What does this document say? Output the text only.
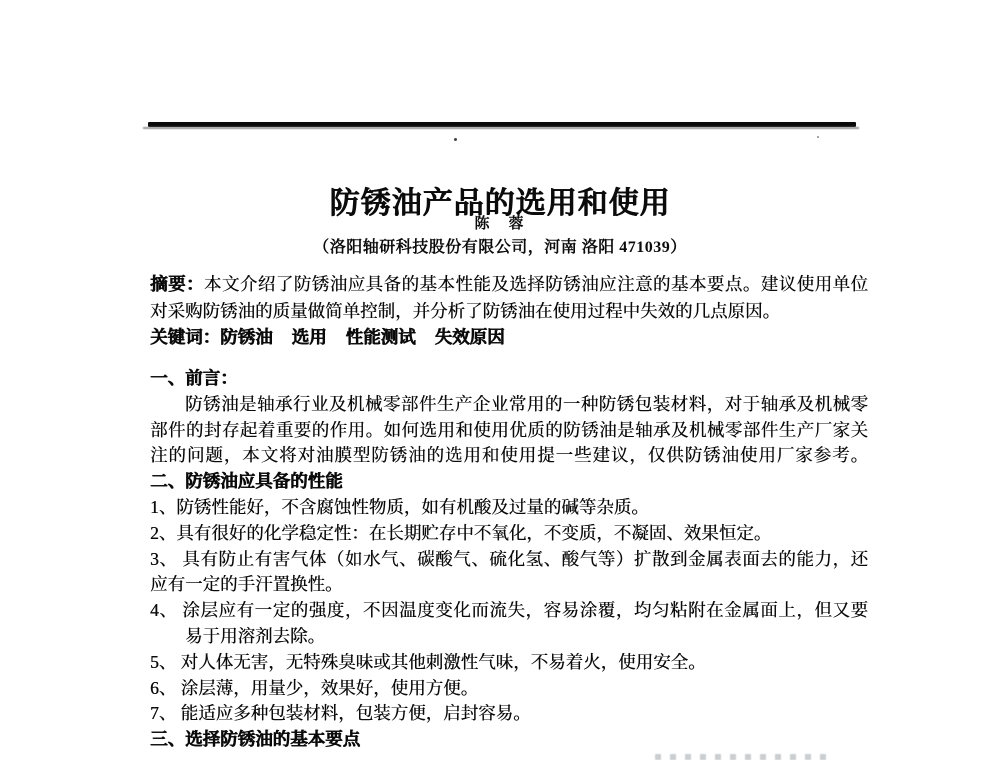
防锈油产品的选用和使用
陈　蓉
（洛阳轴研科技股份有限公司，河南 洛阳 471039）
摘要：本文介绍了防锈油应具备的基本性能及选择防锈油应注意的基本要点。建议使用单位
对采购防锈油的质量做简单控制，并分析了防锈油在使用过程中失效的几点原因。
关键词：防锈油 选用 性能测试 失效原因
一、前言：
防锈油是轴承行业及机械零部件生产企业常用的一种防锈包装材料，对于轴承及机械零
部件的封存起着重要的作用。如何选用和使用优质的防锈油是轴承及机械零部件生产厂家关
注的问题，本文将对油膜型防锈油的选用和使用提一些建议，仅供防锈油使用厂家参考。
二、防锈油应具备的性能
1、防锈性能好，不含腐蚀性物质，如有机酸及过量的碱等杂质。
2、具有很好的化学稳定性：在长期贮存中不氧化，不变质，不凝固、效果恒定。
3、 具有防止有害气体（如水气、碳酸气、硫化氢、酸气等）扩散到金属表面去的能力，还
应有一定的手汗置换性。
4、 涂层应有一定的强度，不因温度变化而流失，容易涂覆，均匀粘附在金属面上，但又要
易于用溶剂去除。
5、 对人体无害，无特殊臭味或其他刺激性气味，不易着火，使用安全。
6、 涂层薄，用量少，效果好，使用方便。
7、 能适应多种包装材料，包装方便，启封容易。
三、选择防锈油的基本要点
